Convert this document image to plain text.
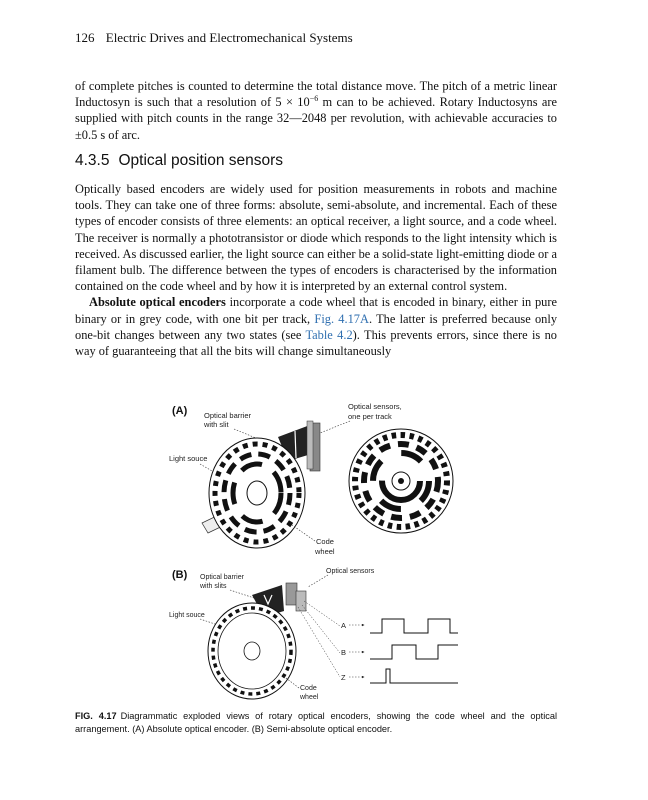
126 Electric Drives and Electromechanical Systems

of complete pitches is counted to determine the total distance move. The pitch of a metric linear Inductosyn is such that a resolution of $5 \times 10^{-6}$ m can to be achieved. Rotary Inductosyns are supplied with pitch counts in the range 32—2048 per revolution, with achievable accuracies to ±0.5 s of arc.

4.3.5 Optical position sensors

Optically based encoders are widely used for position measurements in robots and machine tools. They can take one of three forms: absolute, semi-absolute, and incremental. Each of these types of encoder consists of three elements: an optical receiver, a light source, and a code wheel. The receiver is normally a phototransistor or diode which responds to the light intensity which is received. As discussed earlier, the light source can either be a solid-state light-emitting diode or a filament bulb. The difference between the types of encoders is characterised by the information contained on the code wheel and by how it is interpreted by an external control system.

Absolute optical encoders incorporate a code wheel that is encoded in binary, either in pure binary or in grey code, with one bit per track, Fig. 4.17A. The latter is preferred because only one-bit changes between any two states (see Table 4.2). This prevents errors, since there is no way of guaranteeing that all the bits will change simultaneously

(A) Optical barrier
with slit
Optical sensors,
one per track
Light souce
Code
wheel
(B) Optical barrier
with slits
Optical sensors
Light souce
Code
wheel
A
B
Z
FIG. 4.17 Diagrammatic exploded views of rotary optical encoders, showing the code wheel and the optical arrangement. (A) Absolute optical encoder. (B) Semi-absolute optical encoder.
